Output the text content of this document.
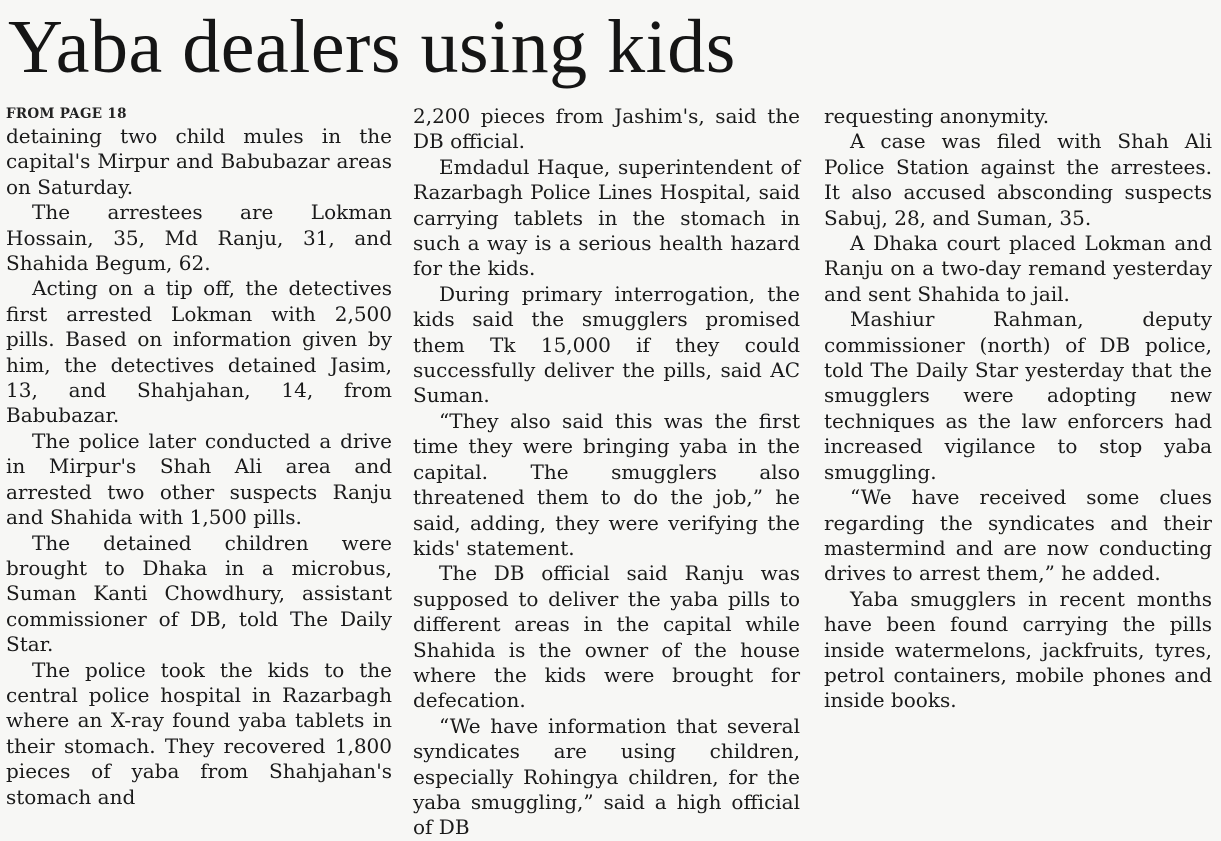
Yaba dealers using kids
FROM PAGE 18

detaining two child mules in the capital's Mirpur and Babubazar areas on Saturday.

The arrestees are Lokman Hossain, 35, Md Ranju, 31, and Shahida Begum, 62.

Acting on a tip off, the detectives first arrested Lokman with 2,500 pills. Based on information given by him, the detectives detained Jasim, 13, and Shahjahan, 14, from Babubazar.

The police later conducted a drive in Mirpur's Shah Ali area and arrested two other suspects Ranju and Shahida with 1,500 pills.

The detained children were brought to Dhaka in a microbus, Suman Kanti Chowdhury, assistant commissioner of DB, told The Daily Star.

The police took the kids to the central police hospital in Razarbagh where an X-ray found yaba tablets in their stomach. They recovered 1,800 pieces of yaba from Shahjahan's stomach and

2,200 pieces from Jashim's, said the DB official.

Emdadul Haque, superintendent of Razarbagh Police Lines Hospital, said carrying tablets in the stomach in such a way is a serious health hazard for the kids.

During primary interrogation, the kids said the smugglers promised them Tk 15,000 if they could successfully deliver the pills, said AC Suman.

“They also said this was the first time they were bringing yaba in the capital. The smugglers also threatened them to do the job,” he said, adding, they were verifying the kids' statement.

The DB official said Ranju was supposed to deliver the yaba pills to different areas in the capital while Shahida is the owner of the house where the kids were brought for defecation.

“We have information that several syndicates are using children, especially Rohingya children, for the yaba smuggling,” said a high official of DB

requesting anonymity.

A case was filed with Shah Ali Police Station against the arrestees. It also accused absconding suspects Sabuj, 28, and Suman, 35.

A Dhaka court placed Lokman and Ranju on a two-day remand yesterday and sent Shahida to jail.

Mashiur Rahman, deputy commissioner (north) of DB police, told The Daily Star yesterday that the smugglers were adopting new techniques as the law enforcers had increased vigilance to stop yaba smuggling.

“We have received some clues regarding the syndicates and their mastermind and are now conducting drives to arrest them,” he added.

Yaba smugglers in recent months have been found carrying the pills inside watermelons, jackfruits, tyres, petrol containers, mobile phones and inside books.
